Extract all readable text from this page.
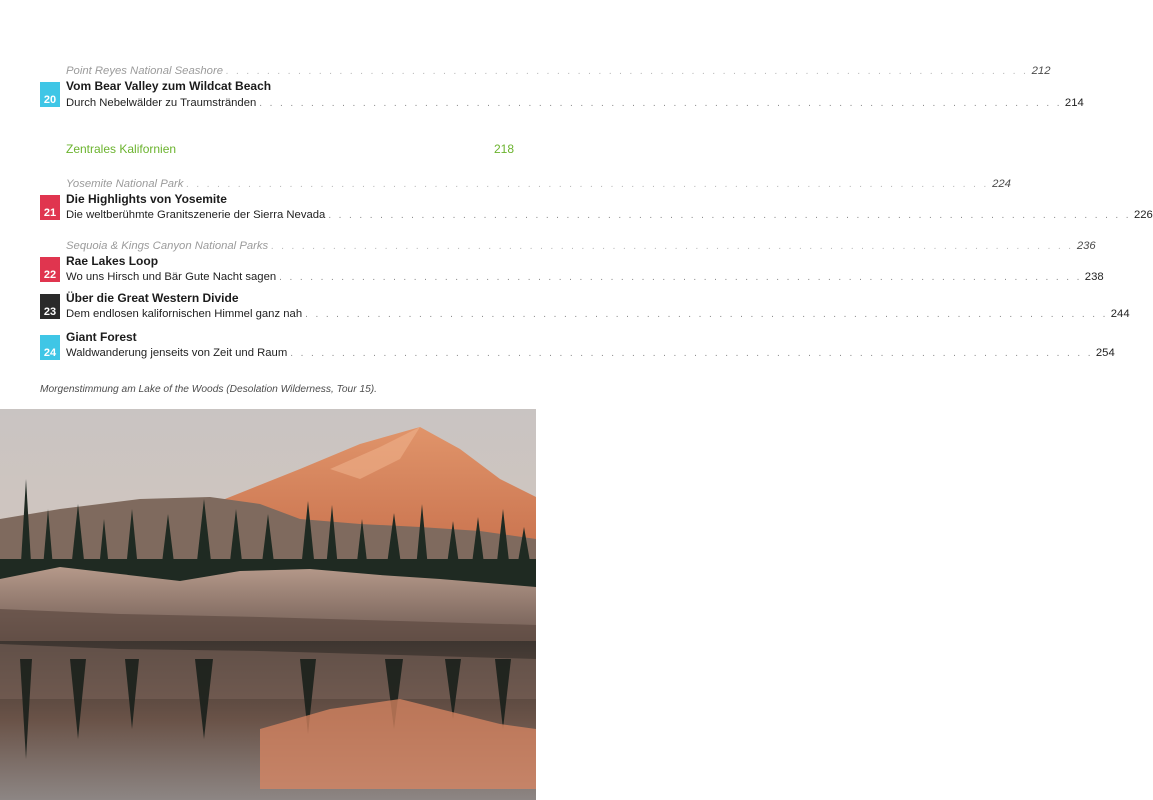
Point Reyes National Seashore . . . . . . . . . . . . . . . . . . . . . . . . . . . . . . . . . . . . . . . . . . . . . . . . . . . . . . . . . . . . . . . . . . . . . . . . . . . . . . 212
20
Vom Bear Valley zum Wildcat Beach
Durch Nebelwälder zu Traumstränden . . . . . . . . . . . . . . . . . . . . . . . . . . . . . . . . . . . . . . . . . . . . . . . . . . . . . . . . . . . . . . . . . . . . . . . . . . . . . . 214
Zentrales Kalifornien	218
Yosemite National Park . . . . . . . . . . . . . . . . . . . . . . . . . . . . . . . . . . . . . . . . . . . . . . . . . . . . . . . . . . . . . . . . . . . . . . . . . . . . . . 224
21
Die Highlights von Yosemite
Die weltberühmte Granitszenerie der Sierra Nevada . . . . . . . . . . . . . . . . . . . . . . . . . . . . . . . . . . . . . . . . . . . . . . . . . . . . . . . . . . . . . . . . . . . . . . . . . . . . . . 226
Sequoia & Kings Canyon National Parks . . . . . . . . . . . . . . . . . . . . . . . . . . . . . . . . . . . . . . . . . . . . . . . . . . . . . . . . . . . . . . . . . . . . . . . . . . . . . . 236
22
Rae Lakes Loop
Wo uns Hirsch und Bär Gute Nacht sagen . . . . . . . . . . . . . . . . . . . . . . . . . . . . . . . . . . . . . . . . . . . . . . . . . . . . . . . . . . . . . . . . . . . . . . . . . . . . . . 238
23
Über die Great Western Divide
Dem endlosen kalifornischen Himmel ganz nah . . . . . . . . . . . . . . . . . . . . . . . . . . . . . . . . . . . . . . . . . . . . . . . . . . . . . . . . . . . . . . . . . . . . . . . . . . . . . . 244
24
Giant Forest
Waldwanderung jenseits von Zeit und Raum . . . . . . . . . . . . . . . . . . . . . . . . . . . . . . . . . . . . . . . . . . . . . . . . . . . . . . . . . . . . . . . . . . . . . . . . . . . . . . 254
Morgenstimmung am Lake of the Woods (Desolation Wilderness, Tour 15).
